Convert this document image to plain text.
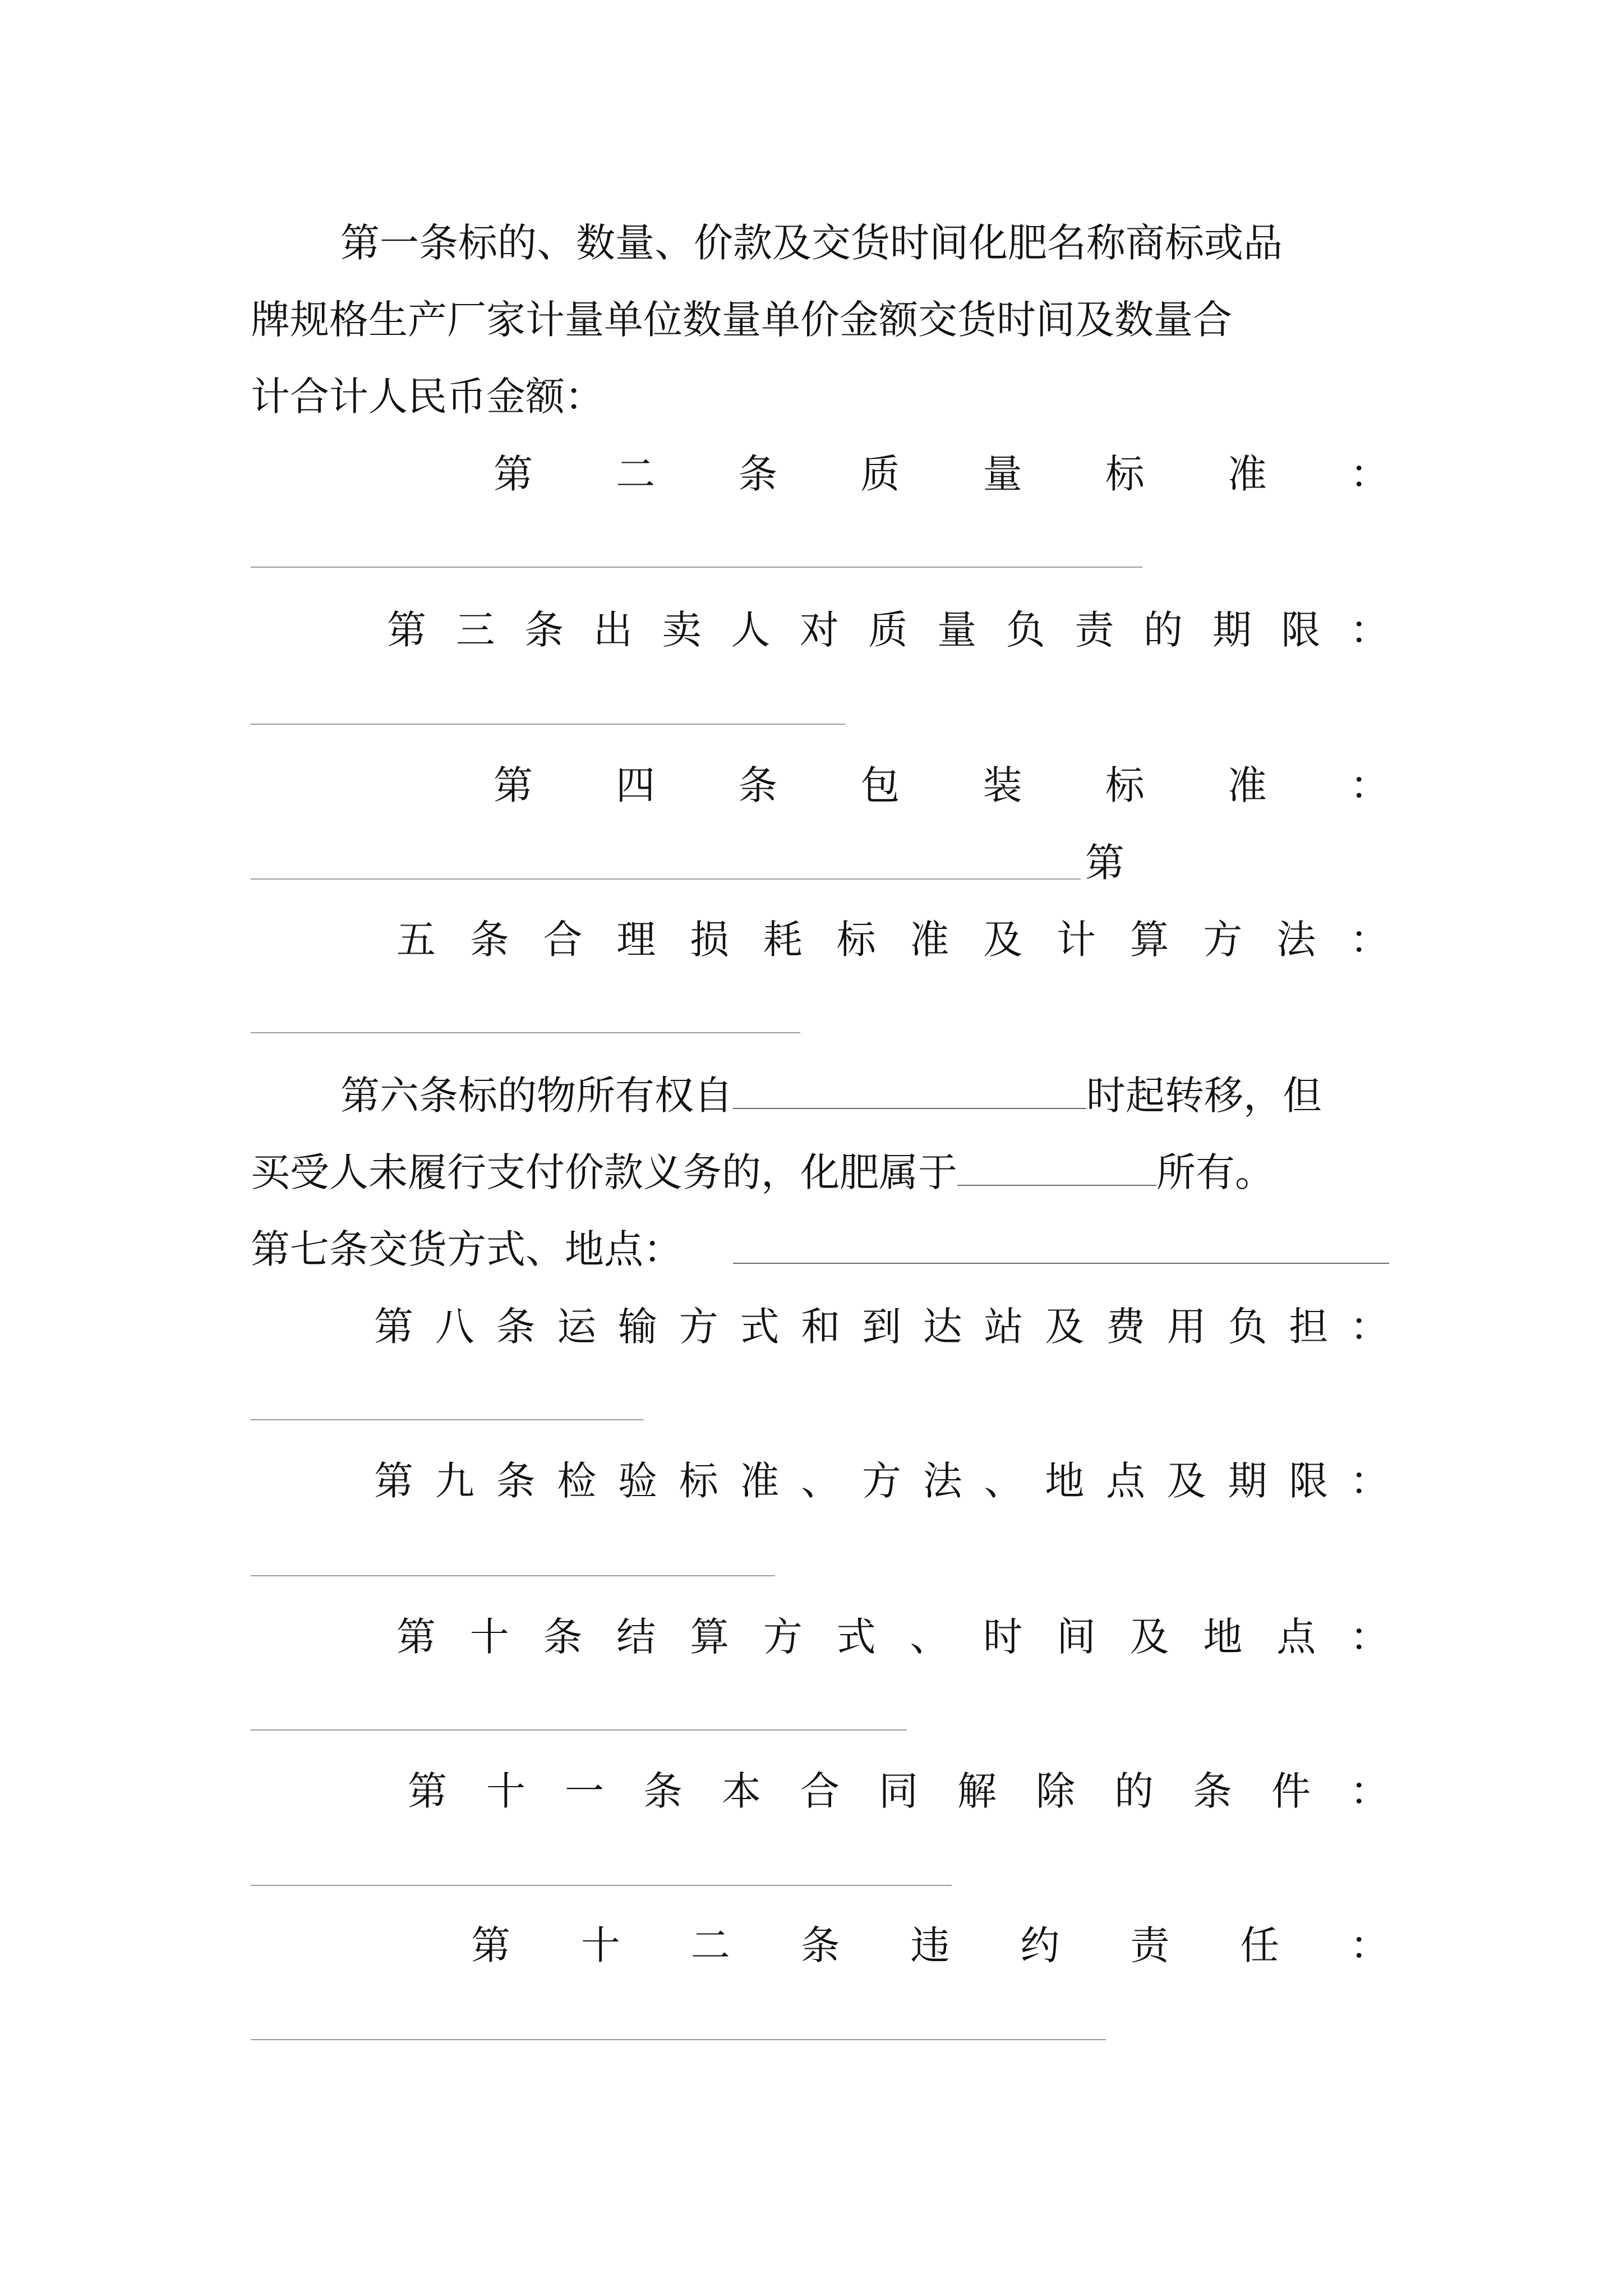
第一条标的、数量、价款及交货时间化肥名称商标或品
牌规格生产厂家计量单位数量单价金额交货时间及数量合
计合计人民币金额：
第 二 条 质 量 标 准 ：
第 三 条 出 卖 人 对 质 量 负 责 的 期 限 ：
第 四 条 包 装 标 准 ：
第
五 条 合 理 损 耗 标 准 及 计 算 方 法 ：
第六条标的物所有权自	时起转移，但
买受人未履行支付价款义务的，化肥属于	所有。
第七条交货方式、地点：
第 八 条 运 输 方 式 和 到 达 站 及 费 用 负 担 ：
第 九 条 检 验 标 准 、 方 法 、 地 点 及 期 限 ：
第 十 条 结 算 方 式 、 时 间 及 地 点 ：
第 十 一 条 本 合 同 解 除 的 条 件 ：
第 十 二 条 违 约 责 任 ：
